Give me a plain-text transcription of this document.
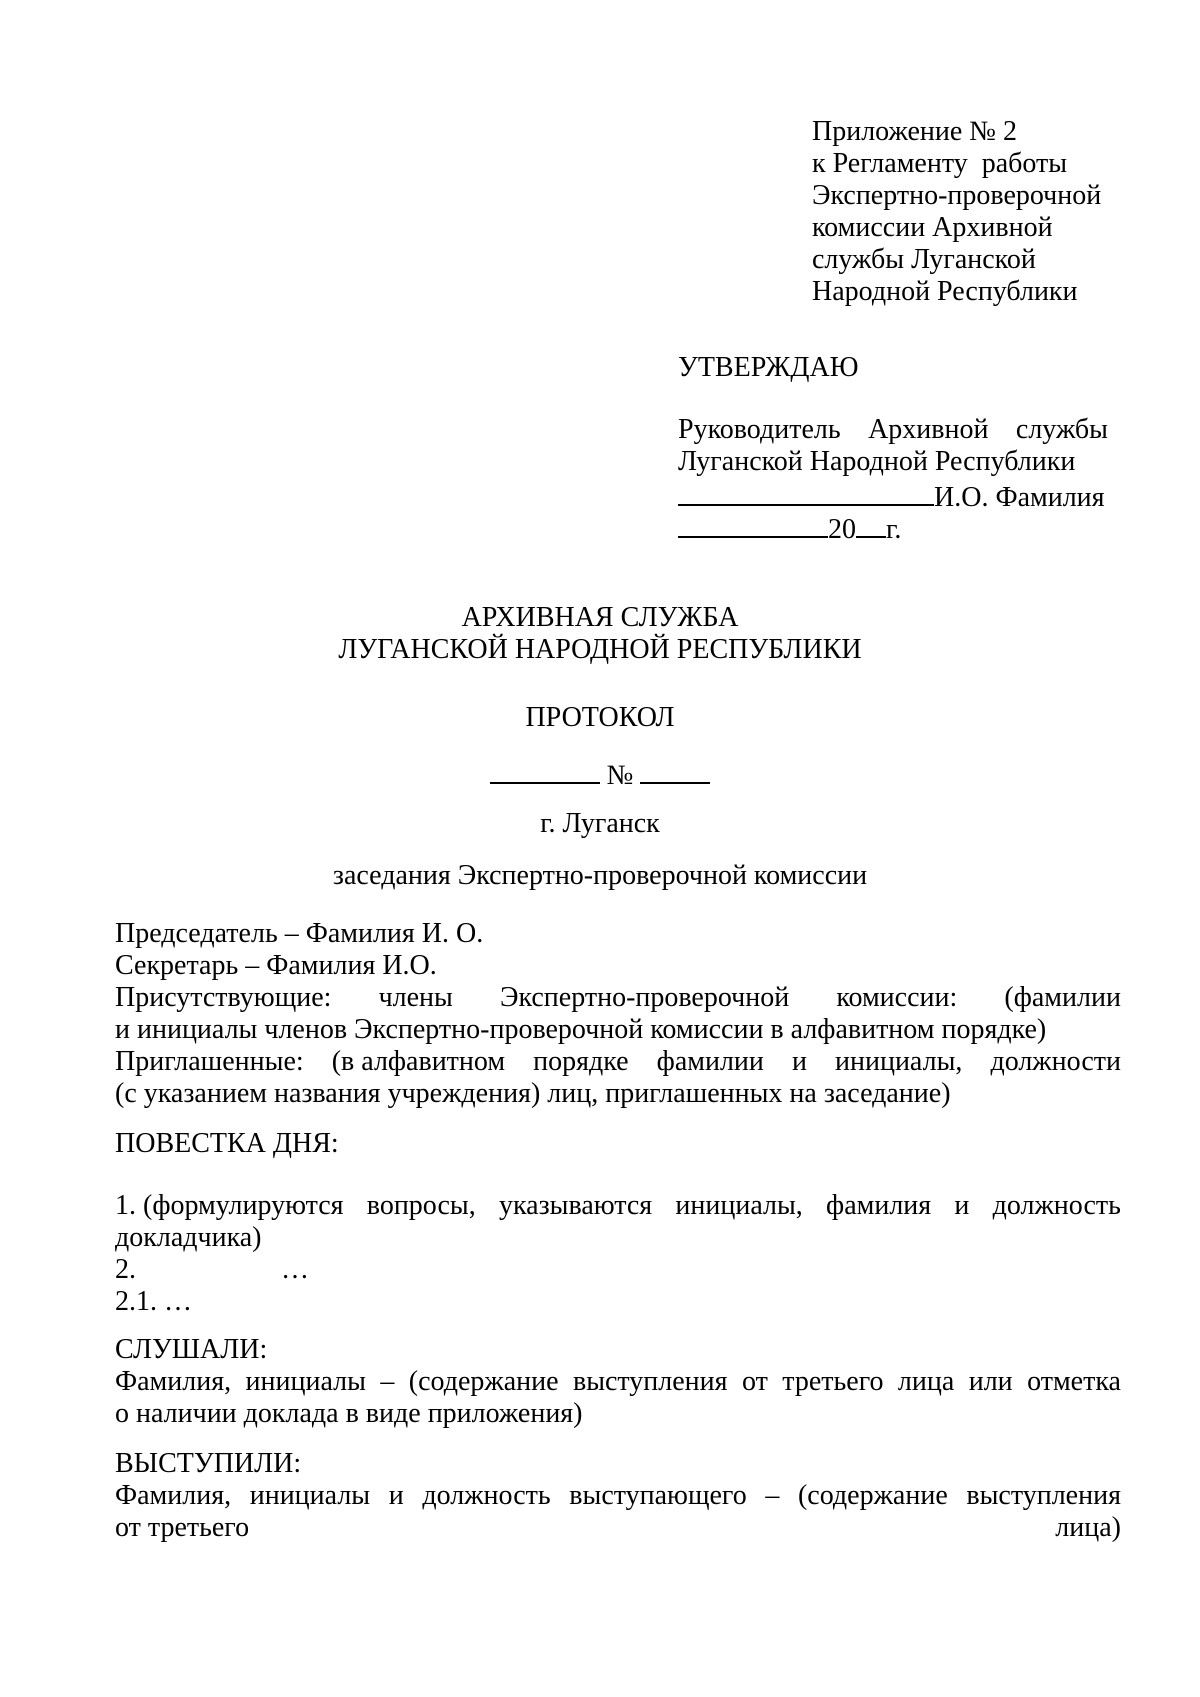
Приложение № 2
к Регламенту  работы
Экспертно-проверочной
комиссии Архивной
службы Луганской
Народной Республики
УТВЕРЖДАЮ
Руководитель Архивной службы
Луганской Народной Республики
И.О. Фамилия
20 г.
АРХИВНАЯ СЛУЖБА
ЛУГАНСКОЙ НАРОДНОЙ РЕСПУБЛИКИ
ПРОТОКОЛ
№
г. Луганск
заседания Экспертно-проверочной комиссии
Председатель – Фамилия И. О.
Секретарь – Фамилия И.О.
Присутствующие: члены Экспертно-проверочной комиссии: (фамилии
и инициалы членов Экспертно-проверочной комиссии в алфавитном порядке)
Приглашенные: (в алфавитном порядке фамилии и инициалы, должности
(с указанием названия учреждения) лиц, приглашенных на заседание)
ПОВЕСТКА ДНЯ:
1. (формулируются вопросы, указываются инициалы, фамилия и должность
докладчика)
2.	…
2.1. …
СЛУШАЛИ:
Фамилия, инициалы – (содержание выступления от третьего лица или отметка
о наличии доклада в виде приложения)
ВЫСТУПИЛИ:
Фамилия, инициалы и должность выступающего – (содержание выступления
от третьего	лица)
